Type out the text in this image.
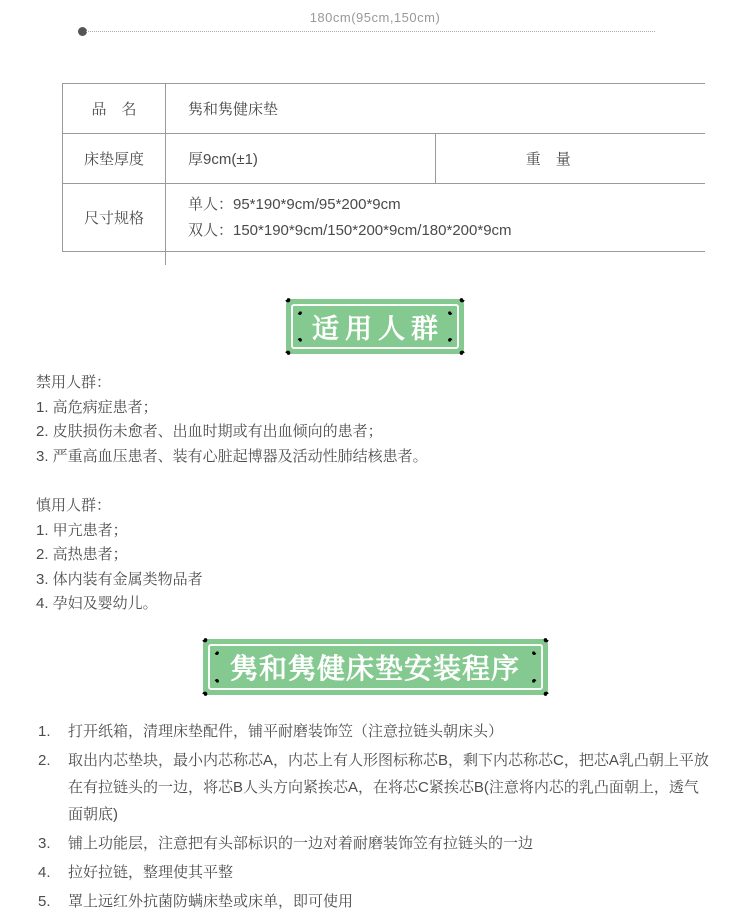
180cm(95cm,150cm)
品　名	隽和隽健床垫	
床垫厚度	厚9cm(±1)	重　量

尺寸规格	单人：95*190*9cm/95*200*9cm
双人：150*190*9cm/150*200*9cm/180*200*9cm	
适用人群
禁用人群：
1. 高危病症患者；
2. 皮肤损伤未愈者、出血时期或有出血倾向的患者；
3. 严重高血压患者、装有心脏起博器及活动性肺结核患者。
慎用人群：
1. 甲亢患者；
2. 高热患者；
3. 体内装有金属类物品者
4. 孕妇及婴幼儿。
隽和隽健床垫安装程序
1.	打开纸箱，清理床垫配件，铺平耐磨装饰笠（注意拉链头朝床头）
2.	取出内芯垫块，最小内芯称芯A，内芯上有人形图标称芯B，剩下内芯称芯C，把芯A乳凸朝上平放在有拉链头的一边，将芯B人头方向紧挨芯A，在将芯C紧挨芯B(注意将内芯的乳凸面朝上，透气面朝底)
3.	铺上功能层，注意把有头部标识的一边对着耐磨装饰笠有拉链头的一边
4.	拉好拉链，整理使其平整
5.	罩上远红外抗菌防螨床垫或床单，即可使用
